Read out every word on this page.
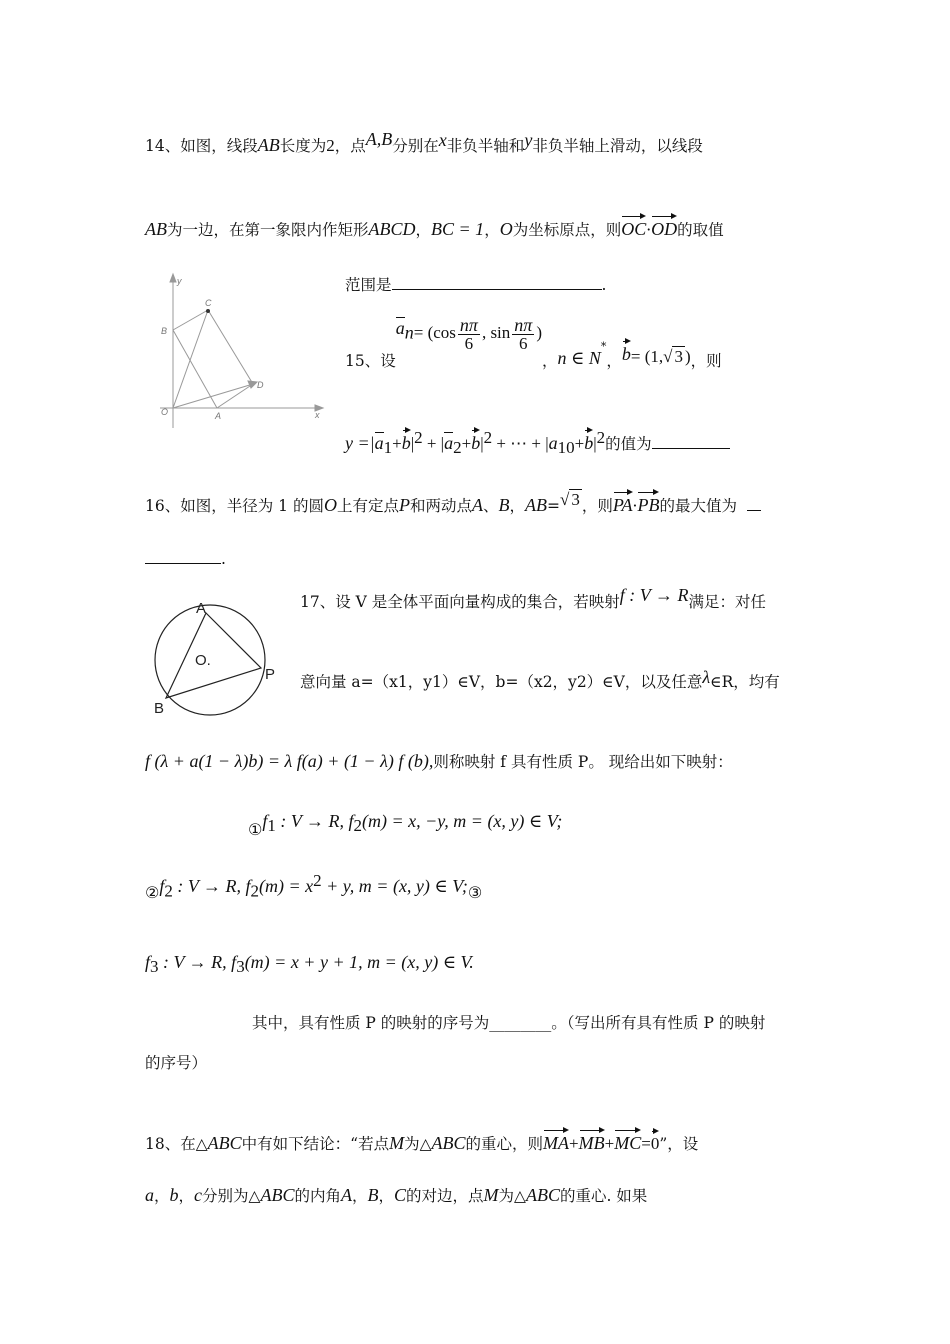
14、如图，线段AB长度为2，点A,B分别在x非负半轴和y非负半轴上滑动，以线段
AB为一边，在第一象限内作矩形ABCD，BC = 1，O为坐标原点，则OC·OD的取值
范围是	.
y
B
C
D
O	A	x
15、设$a_n= (\cos \frac{n\pi}{6}$ , $\sin \frac{n\pi}{6}$ )，n ∈ N*，b= (1,√ 3 )，则
$y =|a_1+b|^2 + |a_2+b|^2$ + ⋯ + $|a_{10}+b|^2$的值为
16、如图，半径为 1 的圆O上有定点P和两动点A、B，AB=√ 3 ，则PA·PB的最大值为
.
A
O.
P
B
17、设 V 是全体平面向量构成的集合，若映射f : V → R满足：对任
意向量 a=（x1，y1）∈V，b=（x2，y2）∈V，以及任意λ∈R，均有
f (λ + a(1 − λ)b) = λ f(a) + (1 − λ) f (b),则称映射 f 具有性质 P。 现给出如下映射：
$①f_1$ : V → R, $f_2(m) = x$, −y, m = (x, y) ∈ V;
$②f_2$ : V → R, $f_2(m) = x^2 + y$, m = (x, y) ∈ V;③
$f_3$ : V → R, $f_3(m) = x + y + 1$, m = (x, y) ∈ V.
其中，具有性质 P 的映射的序号为________。（写出所有具有性质 P 的映射
的序号）
18、在△ABC中有如下结论：“若点M为△ABC的重心，则MA+MB+MC=0”，设
a，b，c分别为△ABC的内角A，B，C的对边，点M为△ABC的重心. 如果
